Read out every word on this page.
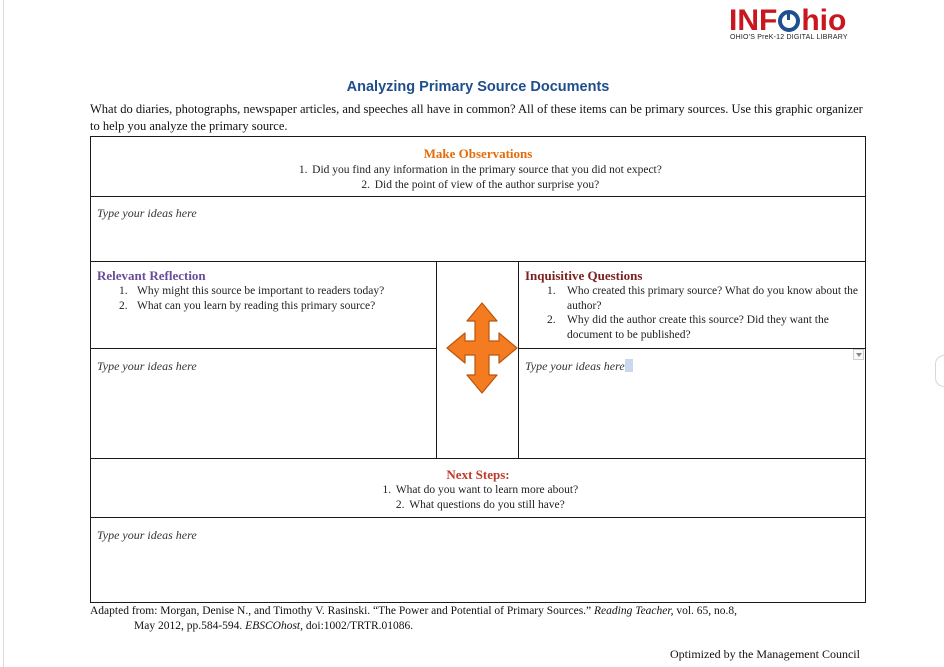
INF hio
OHIO'S PreK-12 DIGITAL LIBRARY
Analyzing Primary Source Documents
What do diaries, photographs, newspaper articles, and speeches all have in common? All of these items can be primary sources. Use this graphic organizer to help you analyze the primary source.
Make Observations
1. Did you find any information in the primary source that you did not expect?
2. Did the point of view of the author surprise you?
Type your ideas here
Relevant Reflection
1. Why might this source be important to readers today?
2. What can you learn by reading this primary source?
Inquisitive Questions
1. Who created this primary source? What do you know about the author?
2. Why did the author create this source? Did they want the document to be published?
Type your ideas here	Type your ideas here
Next Steps:
1. What do you want to learn more about?
2. What questions do you still have?
Type your ideas here
Adapted from: Morgan, Denise N., and Timothy V. Rasinski. “The Power and Potential of Primary Sources.” Reading Teacher, vol. 65, no.8,
May 2012, pp.584-594. EBSCOhost, doi:1002/TRTR.01086.
Optimized by the Management Council
